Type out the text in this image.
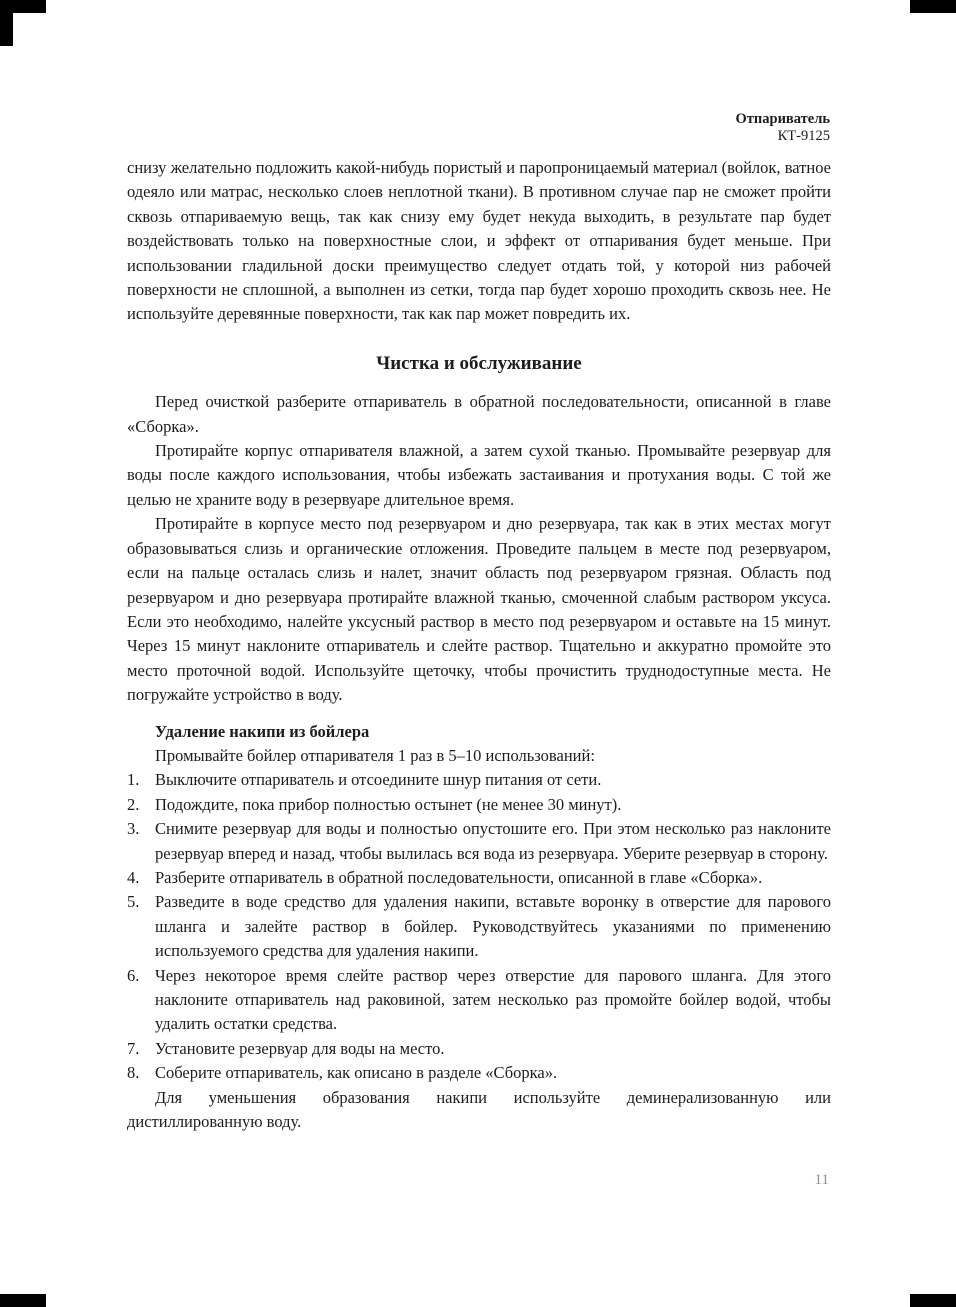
Отпариватель
КТ-9125

снизу желательно подложить какой-нибудь пористый и паропроницаемый материал (войлок, ватное одеяло или матрас, несколько слоев неплотной ткани). В противном случае пар не сможет пройти сквозь отпариваемую вещь, так как снизу ему будет некуда выходить, в результате пар будет воздействовать только на поверхностные слои, и эффект от отпаривания будет меньше. При использовании гладильной доски преимущество следует отдать той, у которой низ рабочей поверхности не сплошной, а выполнен из сетки, тогда пар будет хорошо проходить сквозь нее. Не используйте деревянные поверхности, так как пар может повредить их.

Чистка и обслуживание

Перед очисткой разберите отпариватель в обратной последовательности, описанной в главе «Сборка».

Протирайте корпус отпаривателя влажной, а затем сухой тканью. Промывайте резервуар для воды после каждого использования, чтобы избежать застаивания и протухания воды. С той же целью не храните воду в резервуаре длительное время.

Протирайте в корпусе место под резервуаром и дно резервуара, так как в этих местах могут образовываться слизь и органические отложения. Проведите пальцем в месте под резервуаром, если на пальце осталась слизь и налет, значит область под резервуаром грязная. Область под резервуаром и дно резервуара протирайте влажной тканью, смоченной слабым раствором уксуса. Если это необходимо, налейте уксусный раствор в место под резервуаром и оставьте на 15 минут. Через 15 минут наклоните отпариватель и слейте раствор. Тщательно и аккуратно промойте это место проточной водой. Используйте щеточку, чтобы прочистить труднодоступные места. Не погружайте устройство в воду.

Удаление накипи из бойлера

Промывайте бойлер отпаривателя 1 раз в 5–10 использований:

1. Выключите отпариватель и отсоедините шнур питания от сети.
2. Подождите, пока прибор полностью остынет (не менее 30 минут).
3. Снимите резервуар для воды и полностью опустошите его. При этом несколько раз наклоните резервуар вперед и назад, чтобы вылилась вся вода из резервуара. Уберите резервуар в сторону.
4. Разберите отпариватель в обратной последовательности, описанной в главе «Сборка».
5. Разведите в воде средство для удаления накипи, вставьте воронку в отверстие для парового шланга и залейте раствор в бойлер. Руководствуйтесь указаниями по применению используемого средства для удаления накипи.
6. Через некоторое время слейте раствор через отверстие для парового шланга. Для этого наклоните отпариватель над раковиной, затем несколько раз промойте бойлер водой, чтобы удалить остатки средства.
7. Установите резервуар для воды на место.
8. Соберите отпариватель, как описано в разделе «Сборка».

Для уменьшения образования накипи используйте деминерализованную или дистиллированную воду.

11
